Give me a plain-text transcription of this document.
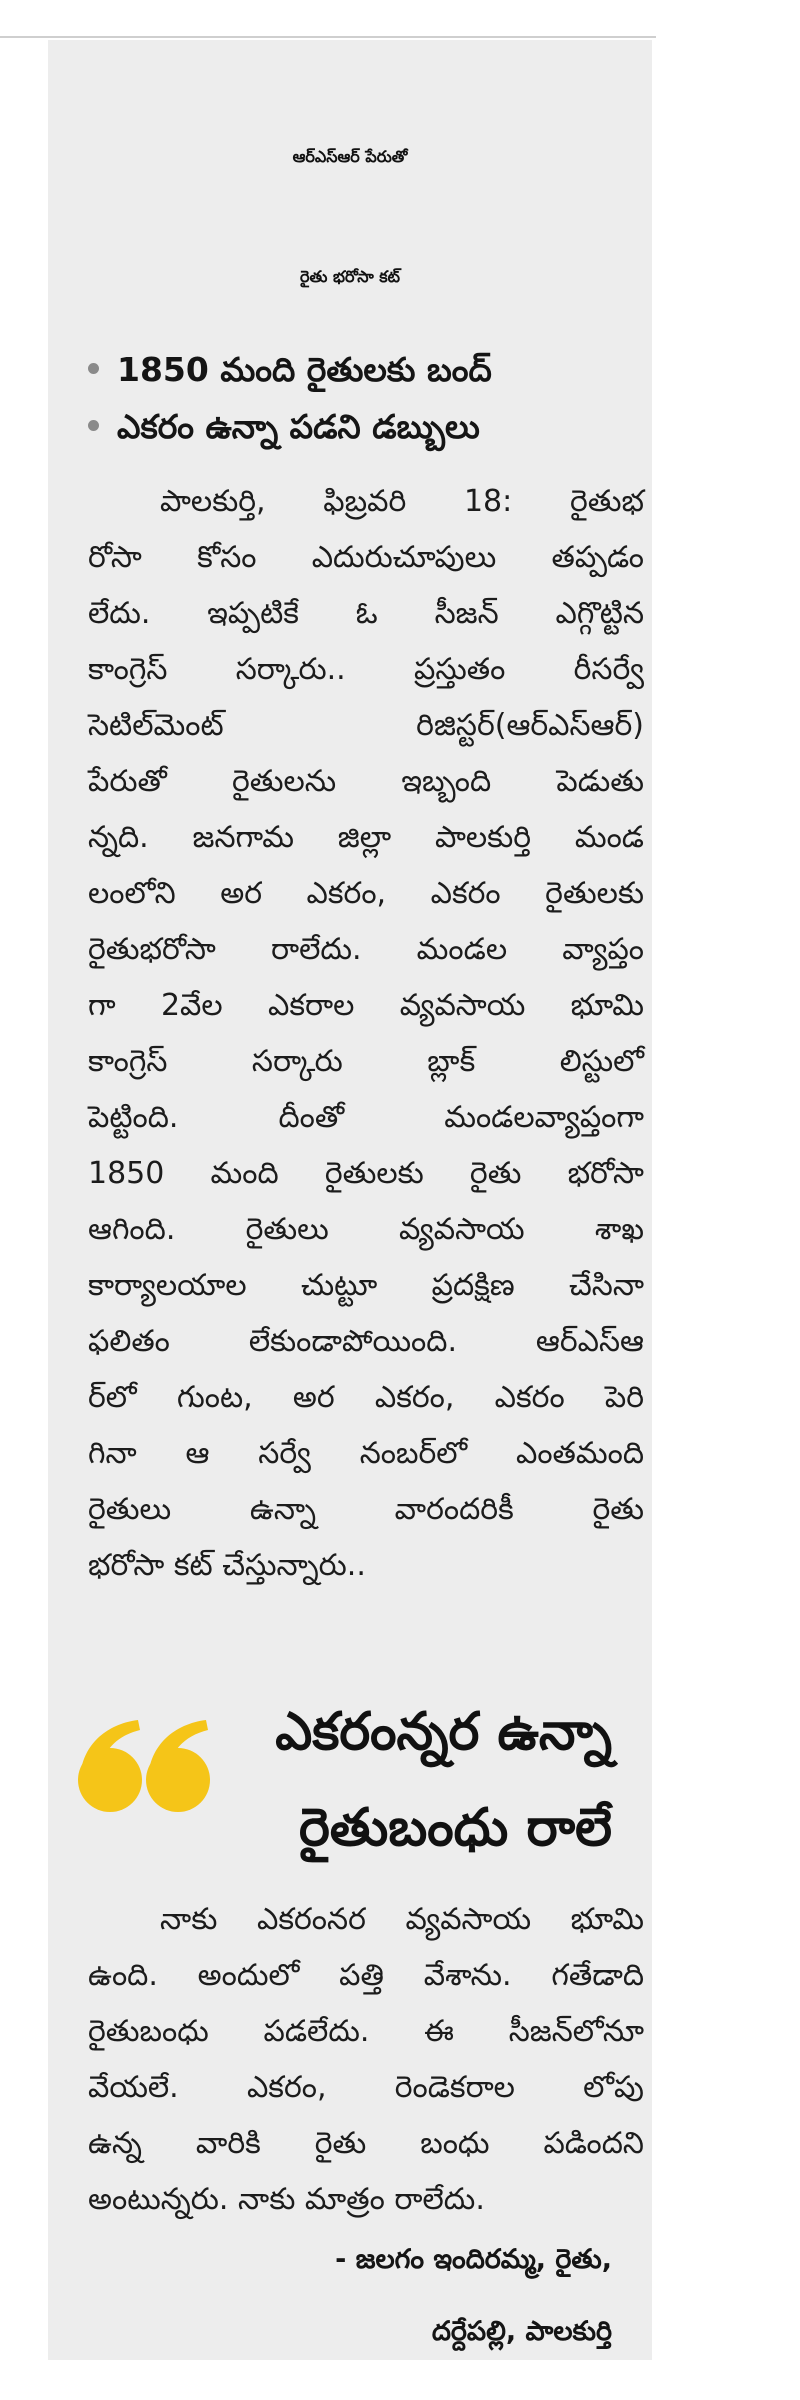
ఆర్‌ఎస్‌ఆర్‌ పేరుతో
రైతు భరోసా కట్‌
1850 మంది రైతులకు బంద్‌
ఎకరం ఉన్నా పడని డబ్బులు

పాలకుర్తి, ఫిబ్రవరి 18: రైతుభ

రోసా కోసం ఎదురుచూపులు తప్పడం

లేదు. ఇప్పటికే ఓ సీజన్‌ ఎగ్గొట్టిన

కాంగ్రెస్‌ సర్కారు.. ప్రస్తుతం రీసర్వే

సెటిల్‌మెంట్‌ రిజిస్టర్‌(ఆర్‌ఎస్‌ఆర్‌)

పేరుతో రైతులను ఇబ్బంది పెడుతు

న్నది. జనగామ జిల్లా పాలకుర్తి మండ

లంలోని అర ఎకరం, ఎకరం రైతులకు

రైతుభరోసా రాలేదు. మండల వ్యాప్తం

గా 2వేల ఎకరాల వ్యవసాయ భూమి

కాంగ్రెస్‌ సర్కారు బ్లాక్‌ లిస్టులో

పెట్టింది. దీంతో మండలవ్యాప్తంగా

1850 మంది రైతులకు రైతు భరోసా

ఆగింది. రైతులు వ్యవసాయ శాఖ

కార్యాలయాల చుట్టూ ప్రదక్షిణ చేసినా

ఫలితం లేకుండాపోయింది. ఆర్‌ఎస్‌ఆ

ర్‌లో గుంట, అర ఎకరం, ఎకరం పెరి

గినా ఆ సర్వే నంబర్‌లో ఎంతమంది

రైతులు ఉన్నా వారందరికీ రైతు

భరోసా కట్‌ చేస్తున్నారు..

ఎకరంన్నర ఉన్నా
రైతుబంధు రాలే

నాకు ఎకరంనర వ్యవసాయ భూమి

ఉంది. అందులో పత్తి వేశాను. గతేడాది

రైతుబంధు పడలేదు. ఈ సీజన్‌లోనూ

వేయలే. ఎకరం, రెండెకరాల లోపు

ఉన్న వారికి రైతు బంధు పడిందని

అంటున్నరు. నాకు మాత్రం రాలేదు.

- జలగం ఇందిరమ్మ, రైతు,
దర్దేపల్లి, పాలకుర్తి
